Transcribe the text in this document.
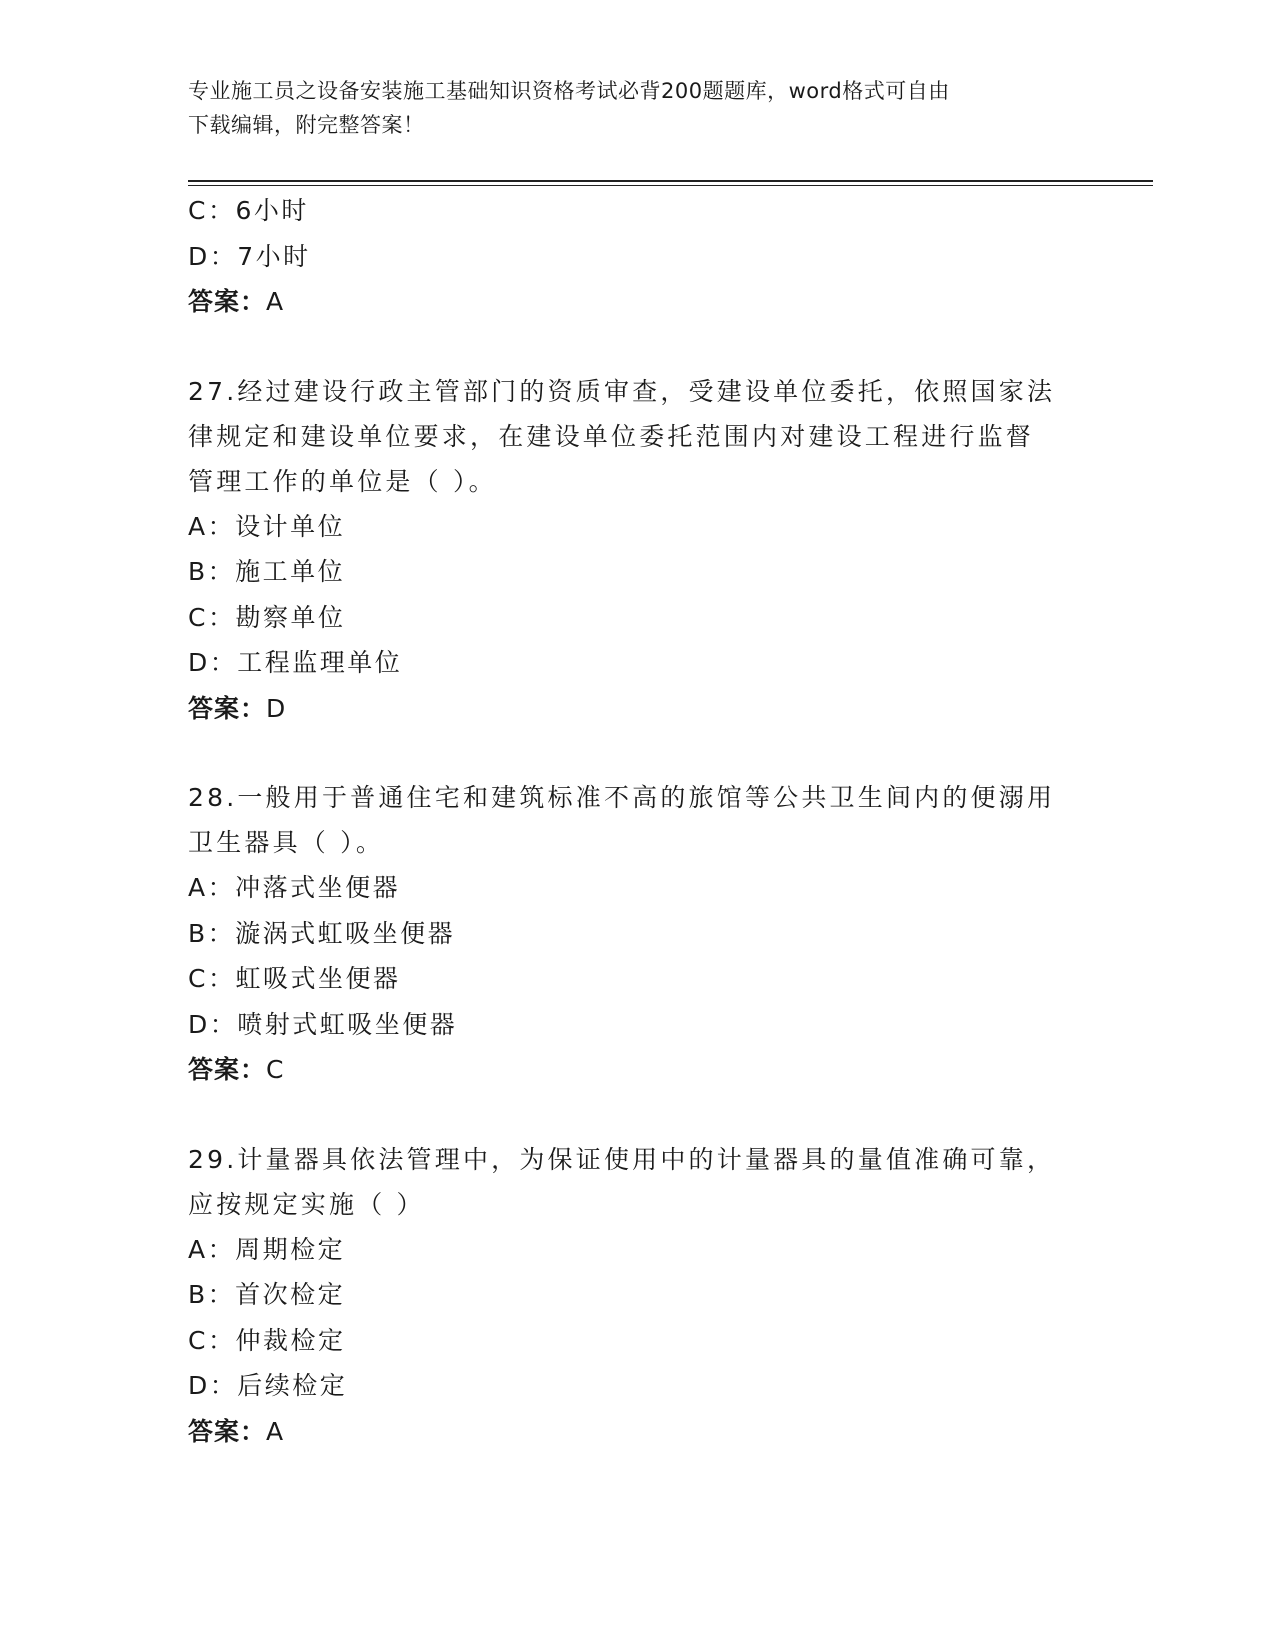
专业施工员之设备安装施工基础知识资格考试必背200题题库，word格式可自由
下载编辑，附完整答案！
C：6小时
D：7小时
答案：A
27.经过建设行政主管部门的资质审查，受建设单位委托，依照国家法
律规定和建设单位要求，在建设单位委托范围内对建设工程进行监督
管理工作的单位是（ ）。
A：设计单位
B：施工单位
C：勘察单位
D：工程监理单位
答案：D
28.一般用于普通住宅和建筑标准不高的旅馆等公共卫生间内的便溺用
卫生器具（ ）。
A：冲落式坐便器
B：漩涡式虹吸坐便器
C：虹吸式坐便器
D：喷射式虹吸坐便器
答案：C
29.计量器具依法管理中，为保证使用中的计量器具的量值准确可靠，
应按规定实施（ ）
A：周期检定
B：首次检定
C：仲裁检定
D：后续检定
答案：A
